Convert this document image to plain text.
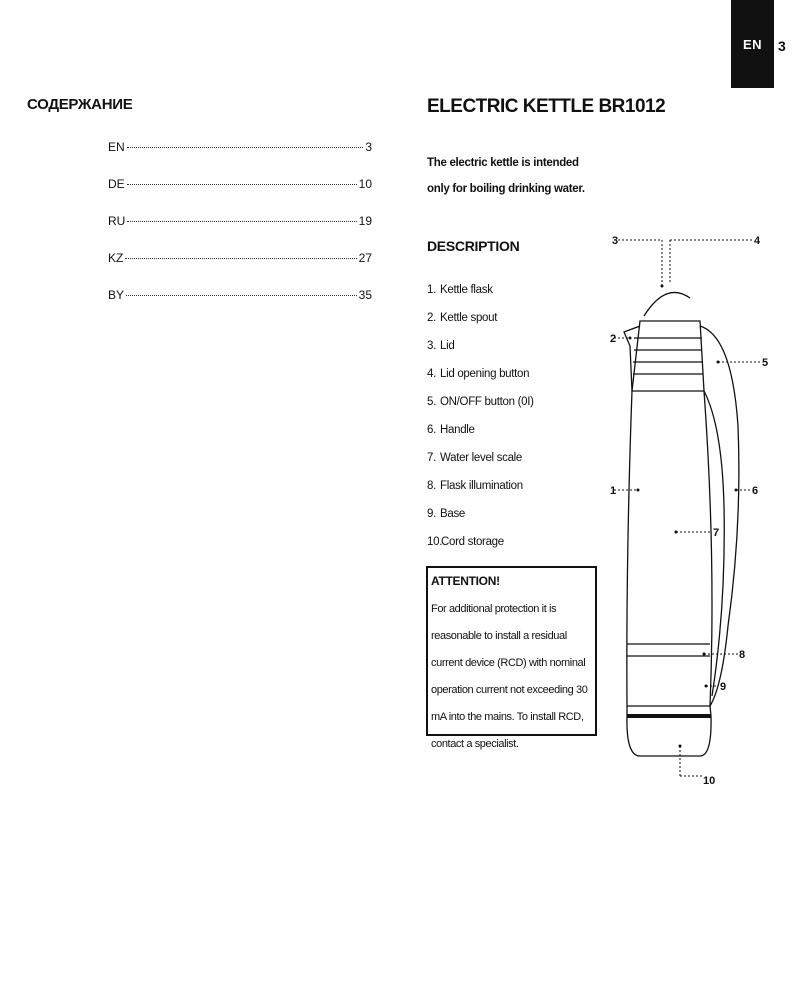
EN	3
СОДЕРЖАНИЕ
EN	3
DE	10
RU	19
KZ	27
BY	35
ELECTRIC KETTLE BR1012
The electric kettle is intended only for boiling drinking water.
DESCRIPTION
1. Kettle flask
2. Kettle spout
3. Lid
4. Lid opening button
5. ON/OFF button (0I)
6. Handle
7. Water level scale
8. Flask illumination
9. Base
10.
Cord storage
ATTENTION!
For additional protection it is reasonable to install a residual current device (RCD) with nominal operation current not exceeding 30 mA into the mains. To install RCD, contact a specialist.
1
2
3	4
5
6
7
8
9
10
